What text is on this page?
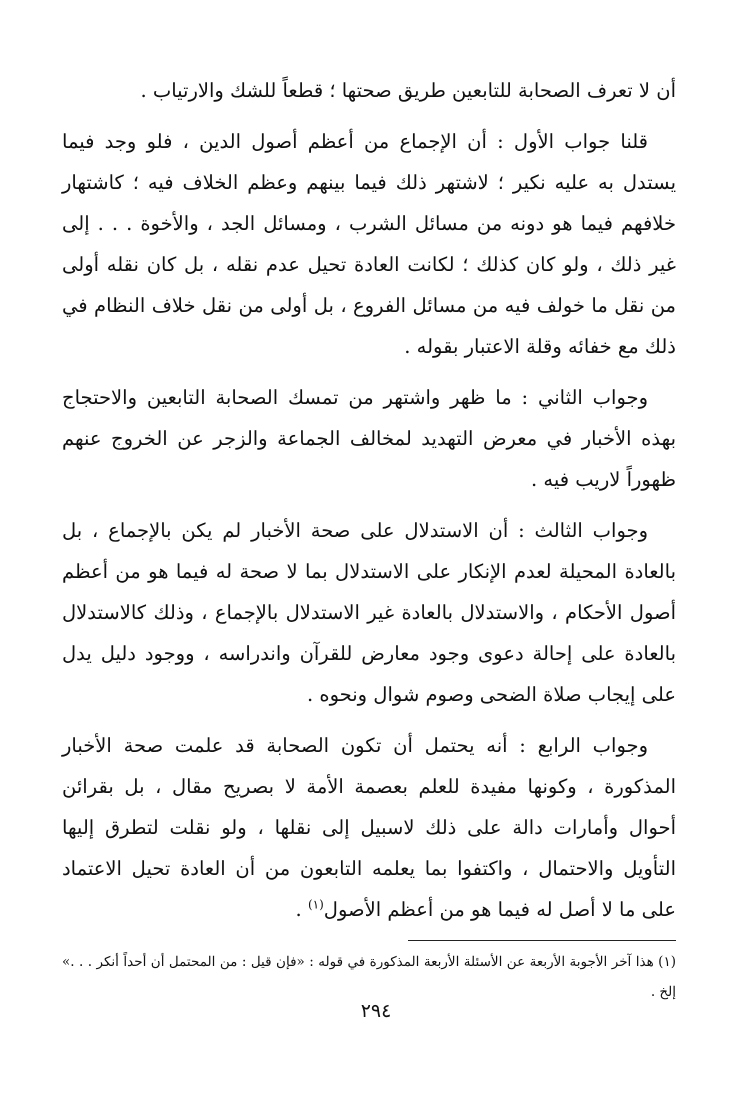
أن لا تعرف الصحابة للتابعين طريق صحتها ؛ قطعاً للشك والارتياب .

قلنا جواب الأول : أن الإجماع من أعظم أصول الدين ، فلو وجد فيما يستدل به عليه نكير ؛ لاشتهر ذلك فيما بينهم وعظم الخلاف فيه ؛ كاشتهار خلافهم فيما هو دونه من مسائل الشرب ، ومسائل الجد ، والأخوة . . . إلى غير ذلك ، ولو كان كذلك ؛ لكانت العادة تحيل عدم نقله ، بل كان نقله أولى من نقل ما خولف فيه من مسائل الفروع ، بل أولى من نقل خلاف النظام في ذلك مع خفائه وقلة الاعتبار بقوله .

وجواب الثاني : ما ظهر واشتهر من تمسك الصحابة التابعين والاحتجاج بهذه الأخبار في معرض التهديد لمخالف الجماعة والزجر عن الخروج عنهم ظهوراً لاريب فيه .

وجواب الثالث : أن الاستدلال على صحة الأخبار لم يكن بالإجماع ، بل بالعادة المحيلة لعدم الإنكار على الاستدلال بما لا صحة له فيما هو من أعظم أصول الأحكام ، والاستدلال بالعادة غير الاستدلال بالإجماع ، وذلك كالاستدلال بالعادة على إحالة دعوى وجود معارض للقرآن واندراسه ، ووجود دليل يدل على إيجاب صلاة الضحى وصوم شوال ونحوه .

وجواب الرابع : أنه يحتمل أن تكون الصحابة قد علمت صحة الأخبار المذكورة ، وكونها مفيدة للعلم بعصمة الأمة لا بصريح مقال ، بل بقرائن أحوال وأمارات دالة على ذلك لاسبيل إلى نقلها ، ولو نقلت لتطرق إليها التأويل والاحتمال ، واكتفوا بما يعلمه التابعون من أن العادة تحيل الاعتماد على ما لا أصل له فيما هو من أعظم الأصول$^{(١)}$ .

(١) هذا آخر الأجوبة الأربعة عن الأسئلة الأربعة المذكورة في قوله : «فإن قيل : من المحتمل أن أحداً أنكر . . .» إلخ .

٢٩٤
